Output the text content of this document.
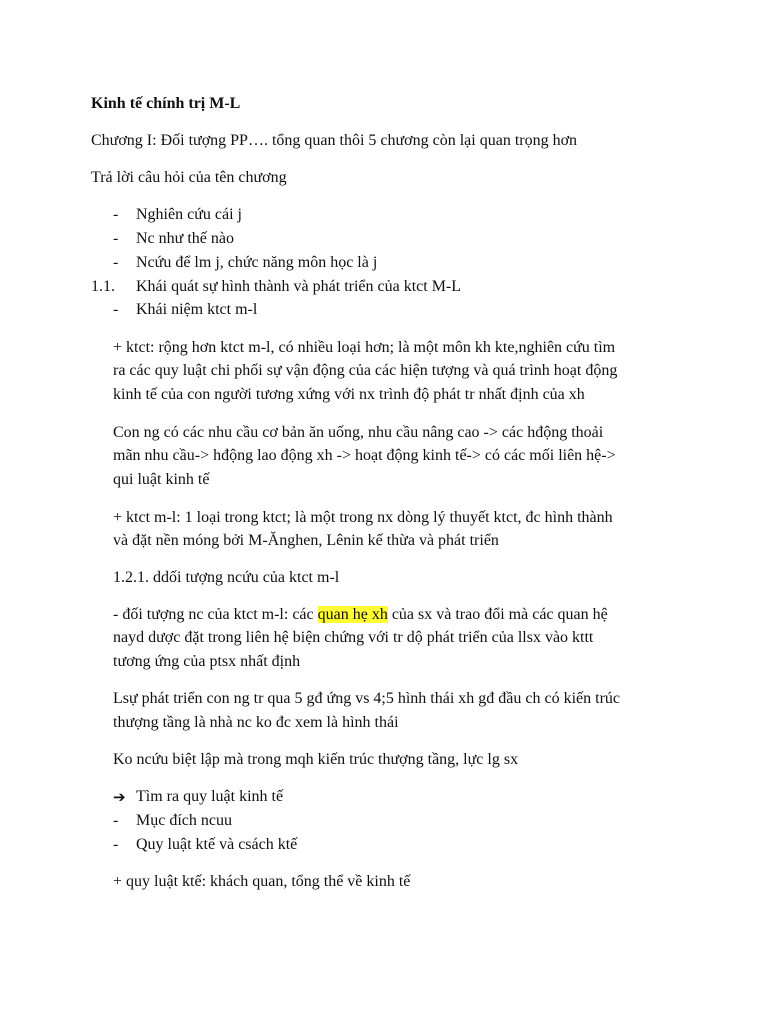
Kinh tế chính trị M-L
Chương I: Đối tượng PP…. tổng quan thôi 5 chương còn lại quan trọng hơn
Trả lời câu hỏi của tên chương
- Nghiên cứu cái j
- Nc như thế nào
- Ncứu để lm j, chức năng môn học là j
1.1. Khái quát sự hình thành và phát triển của ktct M-L
- Khái niệm ktct m-l
+ ktct: rộng hơn ktct m-l, có nhiều loại hơn; là một môn kh kte,nghiên cứu tìm
ra các quy luật chi phối sự vận động của các hiện tượng và quá trình hoạt động
kinh tế của con người tương xứng với nx trình độ phát tr nhất định của xh
Con ng có các nhu cầu cơ bản ăn uống, nhu cầu nâng cao -> các hđộng thoải
mãn nhu cầu-> hđộng lao động xh -> hoạt động kinh tế-> có các mối liên hệ->
qui luật kinh tế
+ ktct m-l: 1 loại trong ktct; là một trong nx dòng lý thuyết ktct, đc hình thành
và đặt nền móng bởi M-Ănghen, Lênin kế thừa và phát triển
1.2.1. ddối tượng ncứu của ktct m-l
- đối tượng nc của ktct m-l: các quan hẹ xh của sx và trao đổi mà các quan hệ
nayd dược đặt trong liên hệ biện chứng với tr dộ phát triển của llsx vào kttt
tương ứng của ptsx nhất định
Lsự phát triển con ng tr qua 5 gđ ứng vs 4;5 hình thái xh gđ đầu ch có kiến trúc
thượng tầng là nhà nc ko đc xem là hình thái
Ko ncứu biệt lập mà trong mqh kiến trúc thượng tầng, lực lg sx
➔ Tìm ra quy luật kinh tế
- Mục đích ncuu
- Quy luật ktế và csách ktế
+ quy luật ktế: khách quan, tổng thể về kinh tế
